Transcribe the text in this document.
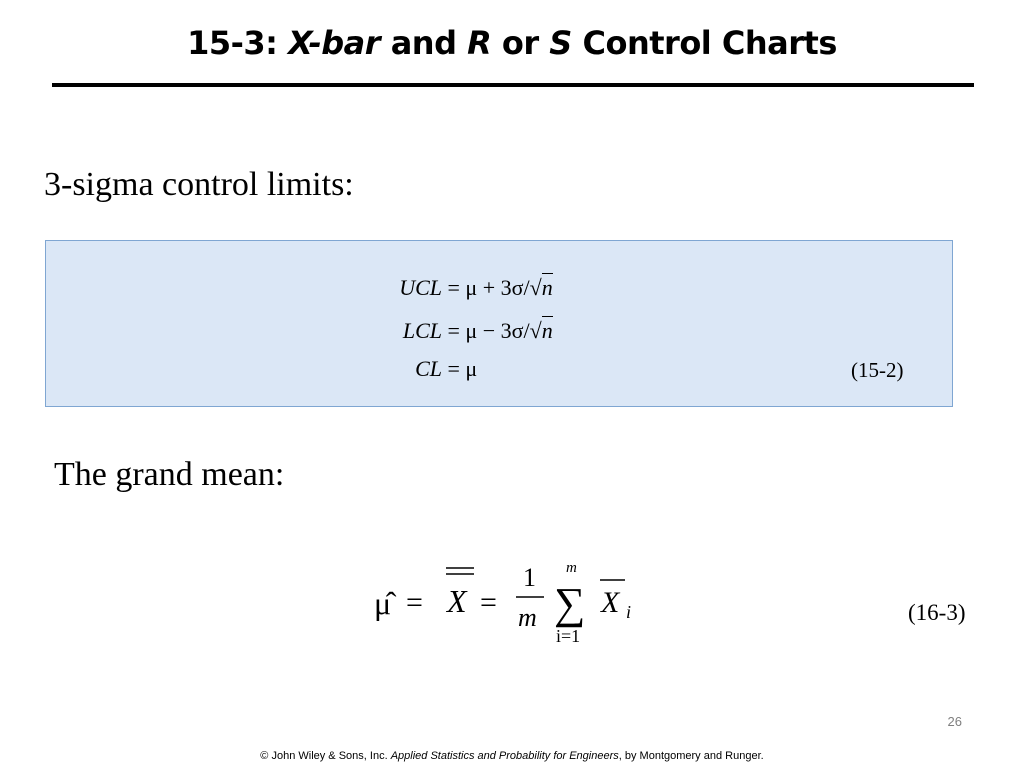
15-3: X-bar and R or S Control Charts
3-sigma control limits:
UCL = μ + 3σ/√n
LCL = μ − 3σ/√n
CL = μ	(15-2)
The grand mean:
μ̂ = X =
1
m
m
∑
i=1
X i	(16-3)
26
© John Wiley & Sons, Inc. Applied Statistics and Probability for Engineers, by Montgomery and Runger.
